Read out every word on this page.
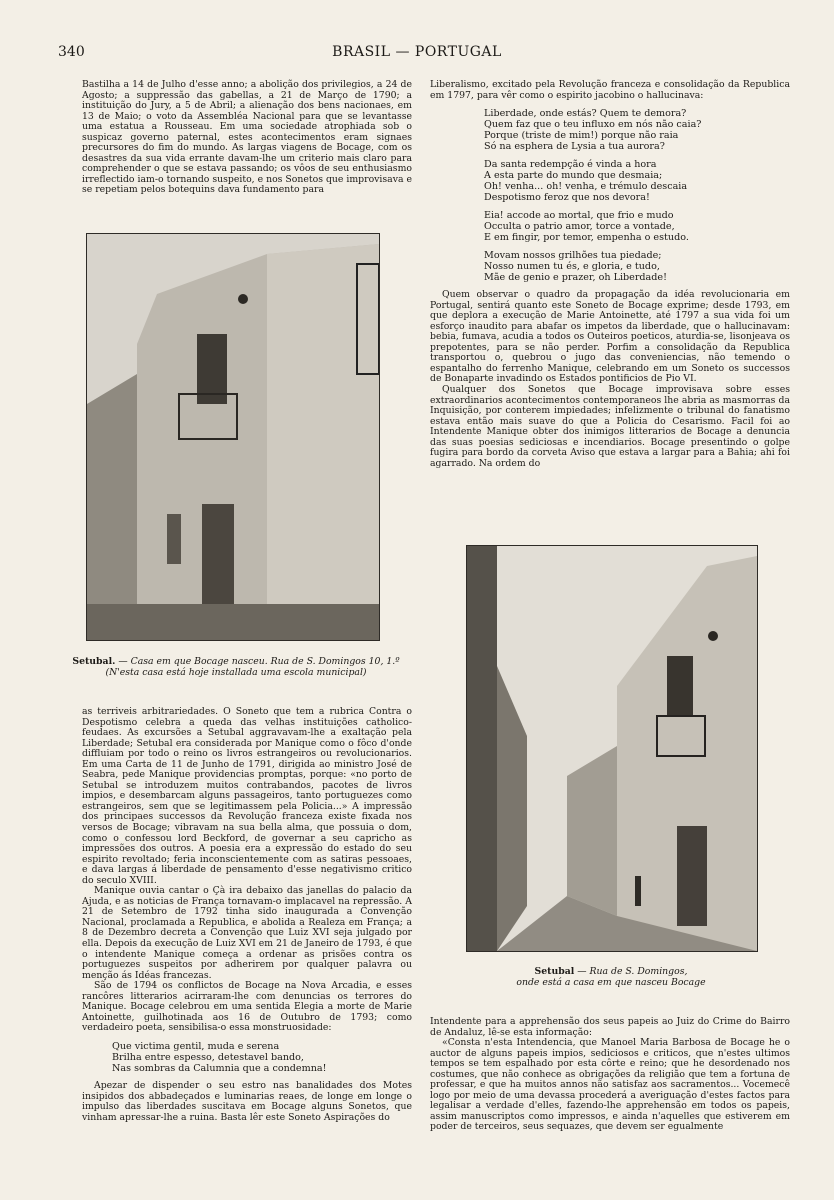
340	BRASIL — PORTUGAL

Bastilha a 14 de Julho d'esse anno; a abolição dos privilegios, a 24 de Agosto; a suppressão das gabellas, a 21 de Março de 1790; a instituição do Jury, a 5 de Abril; a alienação dos bens nacionaes, em 13 de Maio; o voto da Assembléa Nacional para que se levantasse uma estatua a Rousseau. Em uma sociedade atrophiada sob o suspicaz governo paternal, estes acontecimentos eram signaes precursores do fim do mundo. As largas viagens de Bocage, com os desastres da sua vida errante davam-lhe um criterio mais claro para comprehender o que se estava passando; os vôos de seu enthusiasmo irreflectido iam-o tornando suspeito, e nos Sonetos que improvisava e se repetiam pelos botequins dava fundamento para

Setubal. — Casa em que Bocage nasceu. Rua de S. Domingos 10, 1.º
(N'esta casa está hoje installada uma escola municipal)

as terriveis arbitrariedades. O Soneto que tem a rubrica Contra o Despotismo celebra a queda das velhas instituições catholico-feudaes. As excursões a Setubal aggravavam-lhe a exaltação pela Liberdade; Setubal era considerada por Manique como o fôco d'onde diffluiam por todo o reino os livros estrangeiros ou revolucionarios. Em uma Carta de 11 de Junho de 1791, dirigida ao ministro José de Seabra, pede Manique providencias promptas, porque: «no porto de Setubal se introduzem muitos contrabandos, pacotes de livros impios, e desembarcam alguns passageiros, tanto portuguezes como estrangeiros, sem que se legitimassem pela Policia...» A impressão dos principaes successos da Revolução franceza existe fixada nos versos de Bocage; vibravam na sua bella alma, que possuia o dom, como o confessou lord Beckford, de governar a seu capricho as impressões dos outros. A poesia era a expressão do estado do seu espirito revoltado; feria inconscientemente com as satiras pessoaes, e dava largas á liberdade de pensamento d'esse negativismo critico do seculo XVIII.

Manique ouvia cantar o Çà ira debaixo das janellas do palacio da Ajuda, e as noticias de França tornavam-o implacavel na repressão. A 21 de Setembro de 1792 tinha sido inaugurada a Convenção Nacional, proclamada a Republica, e abolida a Realeza em França; a 8 de Dezembro decreta a Convenção que Luiz XVI seja julgado por ella. Depois da execução de Luiz XVI em 21 de Janeiro de 1793, é que o intendente Manique começa a ordenar as prisões contra os portuguezes suspeitos por adherirem por qualquer palavra ou menção ás Idéas francezas.

São de 1794 os conflictos de Bocage na Nova Arcadia, e esses rancôres litterarios acirraram-lhe com denuncias os terrores do Manique. Bocage celebrou em uma sentida Elegia a morte de Marie Antoinette, guilhotinada aos 16 de Outubro de 1793; como verdadeiro poeta, sensibilisa-o essa monstruosidade:

Que victima gentil, muda e serena
Brilha entre espesso, detestavel bando,
Nas sombras da Calumnia que a condemna!

Apezar de dispender o seu estro nas banalidades dos Motes insipidos dos abbadeçados e luminarias reaes, de longe em longe o impulso das liberdades suscitava em Bocage alguns Sonetos, que vinham apressar-lhe a ruina. Basta lêr este Soneto Aspirações do

Liberalismo, excitado pela Revolução franceza e consolidação da Republica em 1797, para vêr como o espirito jacobino o hallucinava:

Liberdade, onde estás? Quem te demora?
Quem faz que o teu influxo em nós não caia?
Porque (triste de mim!) porque não raia
Só na esphera de Lysia a tua aurora?
Da santa redempção é vinda a hora
A esta parte do mundo que desmaia;
Oh! venha... oh! venha, e trémulo descaia
Despotismo feroz que nos devora!
Eia! accode ao mortal, que frio e mudo
Occulta o patrio amor, torce a vontade,
E em fingir, por temor, empenha o estudo.
Movam nossos grilhões tua piedade;
Nosso numen tu és, e gloria, e tudo,
Mãe de genio e prazer, oh Liberdade!

Quem observar o quadro da propagação da idéa revolucionaria em Portugal, sentirá quanto este Soneto de Bocage exprime; desde 1793, em que deplora a execução de Marie Antoinette, até 1797 a sua vida foi um esforço inaudito para abafar os impetos da liberdade, que o hallucinavam: bebia, fumava, acudia a todos os Outeiros poeticos, aturdia-se, lisonjeava os prepotentes, para se não perder. Porfim a consolidação da Republica transportou o, quebrou o jugo das conveniencias, não temendo o espantalho do ferrenho Manique, celebrando em um Soneto os successos de Bonaparte invadindo os Estados pontificios de Pio VI.

Qualquer dos Sonetos que Bocage improvisava sobre esses extraordinarios acontecimentos contemporaneos lhe abria as masmorras da Inquisição, por conterem impiedades; infelizmente o tribunal do fanatismo estava então mais suave do que a Policia do Cesarismo. Facil foi ao Intendente Manique obter dos inimigos litterarios de Bocage a denuncia das suas poesias sediciosas e incendiarios. Bocage presentindo o golpe fugira para bordo da corveta Aviso que estava a largar para a Bahia; ahi foi agarrado. Na ordem do

Setubal — Rua de S. Domingos,
onde está a casa em que nasceu Bocage

Intendente para a apprehensão dos seus papeis ao Juiz do Crime do Bairro de Andaluz, lê-se esta informação:

«Consta n'esta Intendencia, que Manoel Maria Barbosa de Bocage he o auctor de alguns papeis impios, sediciosos e criticos, que n'estes ultimos tempos se tem espalhado por esta côrte e reino; que he desordenado nos costumes, que não conhece as obrigações da religião que tem a fortuna de professar, e que ha muitos annos não satisfaz aos sacramentos... Vocemecê logo por meio de uma devassa procederá a averiguação d'estes factos para legalisar a verdade d'elles, fazendo-lhe apprehensão em todos os papeis, assim manuscriptos como impressos, e ainda n'aquelles que estiverem em poder de terceiros, seus sequazes, que devem ser egualmente
